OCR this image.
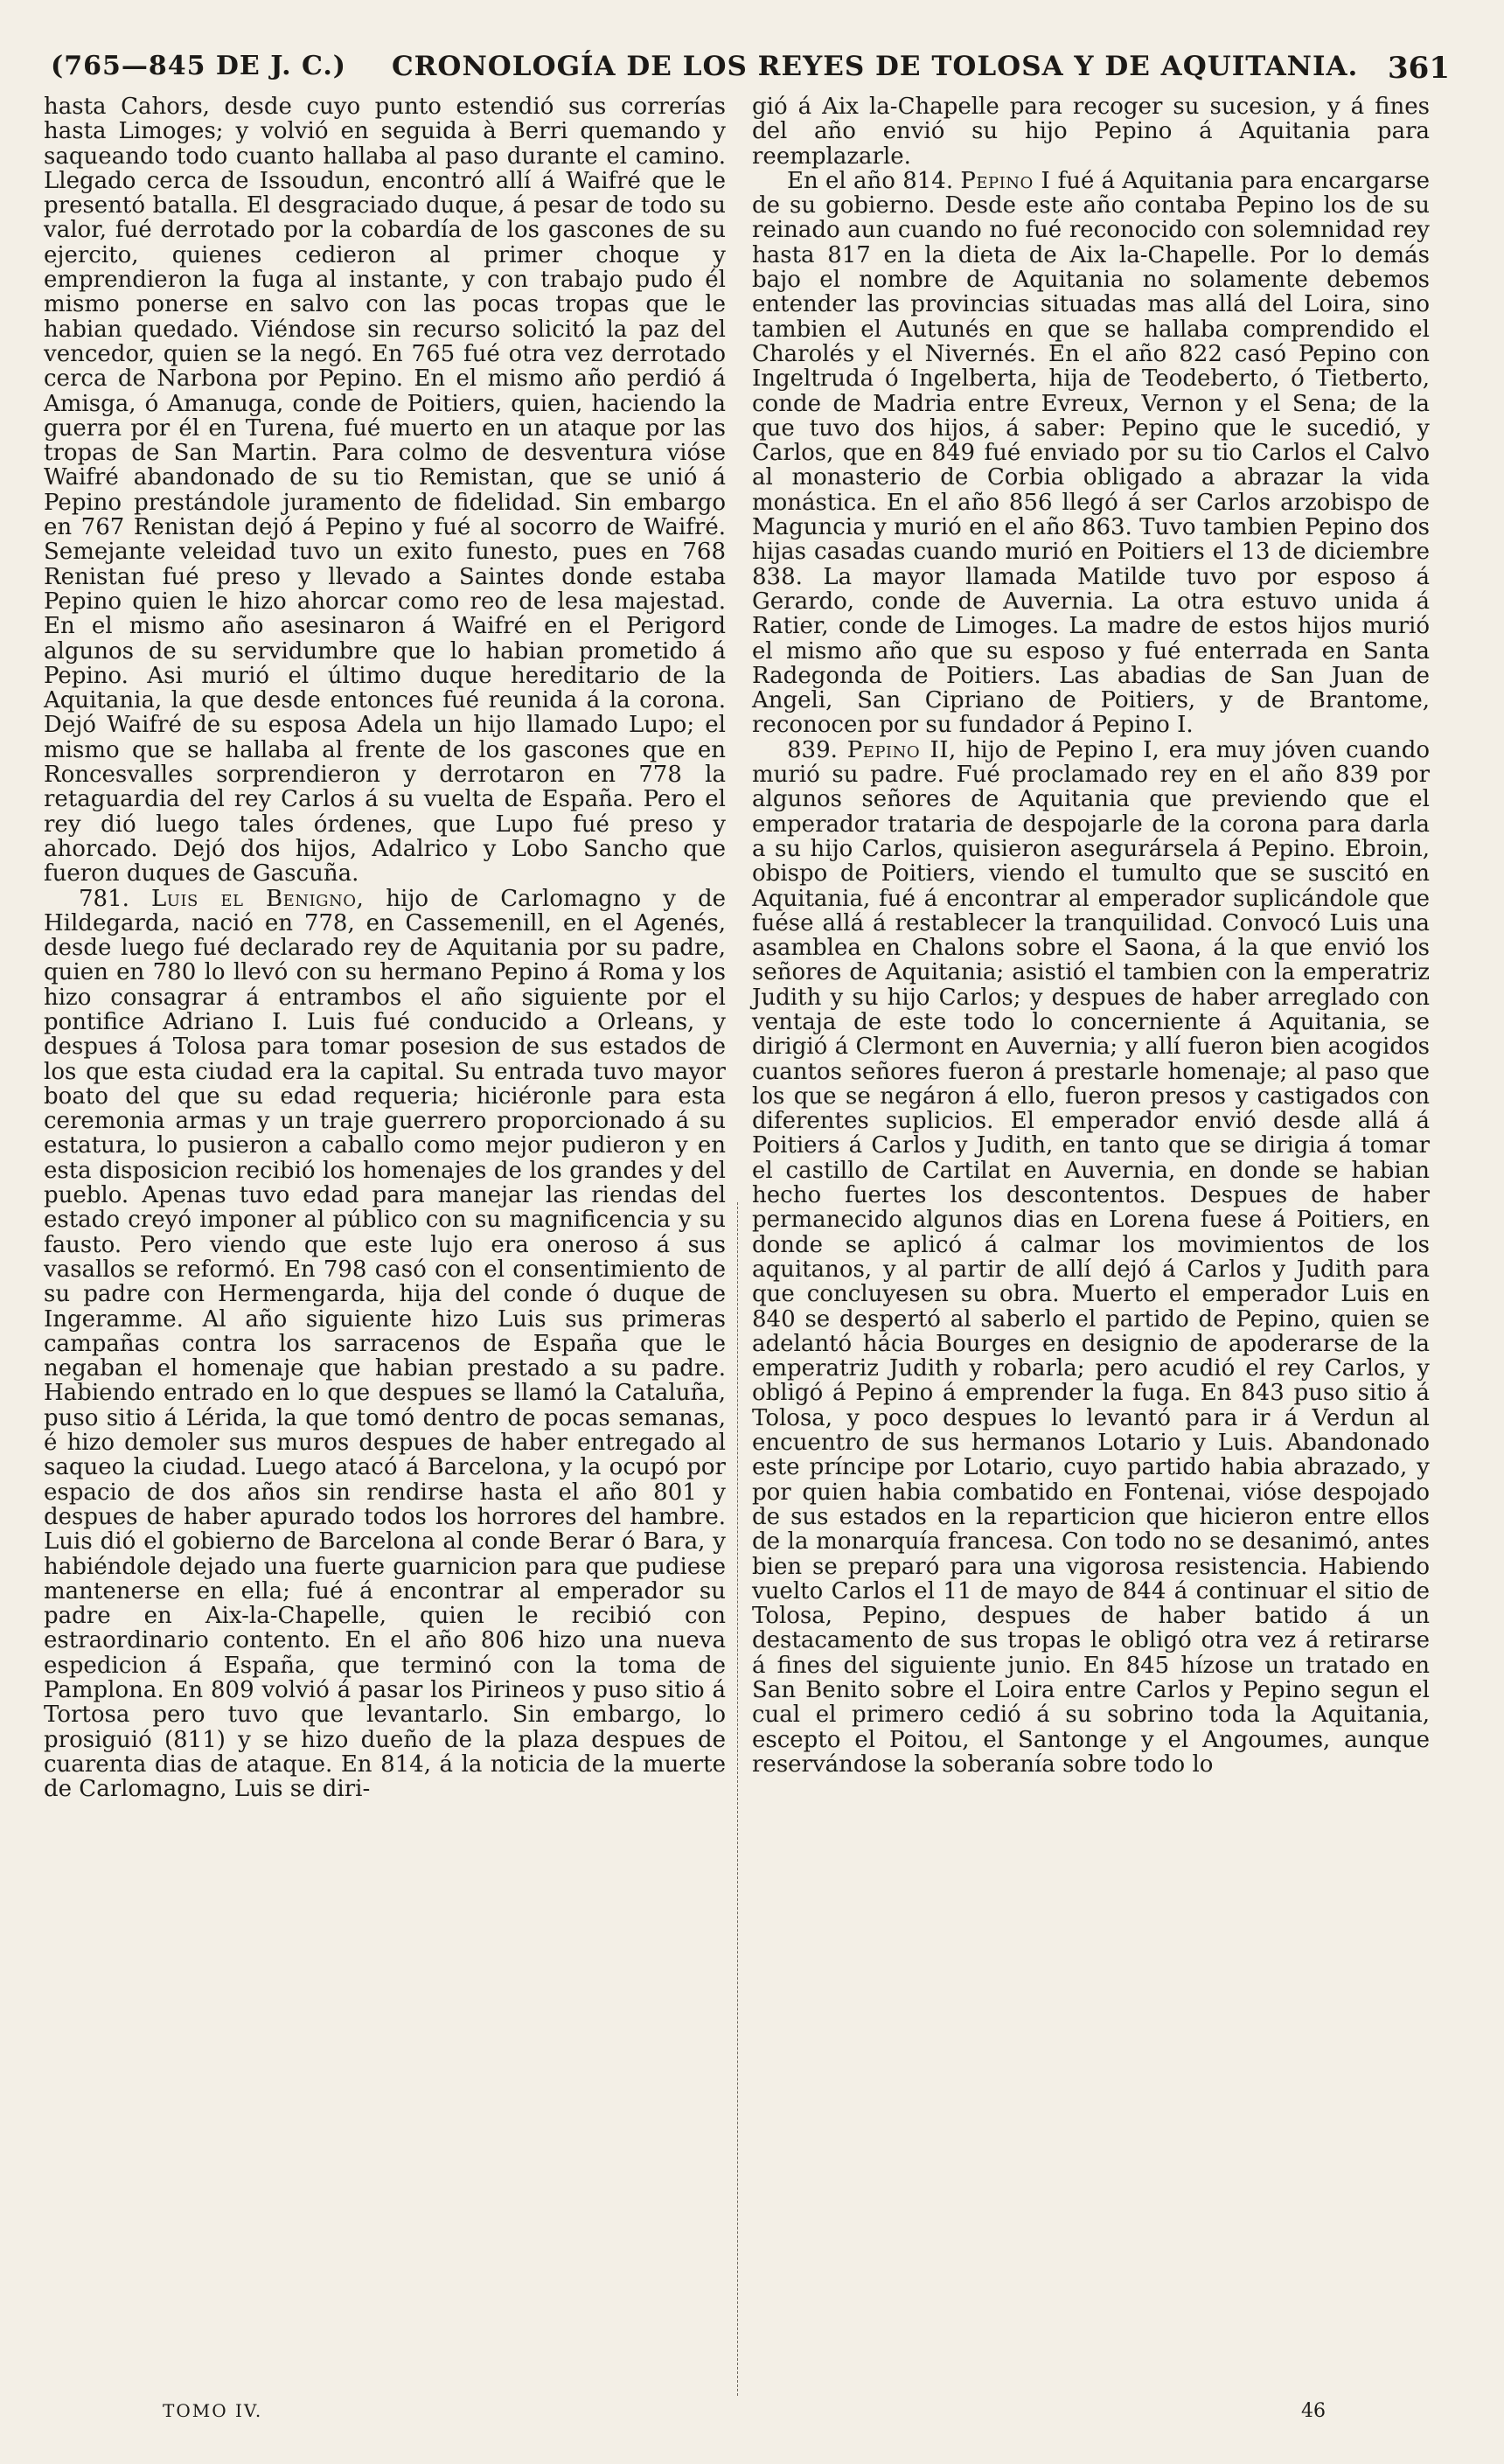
(765—845 DE J. C.) CRONOLOGÍA DE LOS REYES DE TOLOSA Y DE AQUITANIA. 361

hasta Cahors, desde cuyo punto estendió sus correrías hasta Limoges; y volvió en seguida à Berri quemando y saqueando todo cuanto hallaba al paso durante el camino. Llegado cerca de Issoudun, encontró allí á Waifré que le presentó batalla. El desgraciado duque, á pesar de todo su valor, fué derrotado por la cobardía de los gascones de su ejercito, quienes cedieron al primer choque y emprendieron la fuga al instante, y con trabajo pudo él mismo ponerse en salvo con las pocas tropas que le habian quedado. Viéndose sin recurso solicitó la paz del vencedor, quien se la negó. En 765 fué otra vez derrotado cerca de Narbona por Pepino. En el mismo año perdió á Amisga, ó Amanuga, conde de Poitiers, quien, haciendo la guerra por él en Turena, fué muerto en un ataque por las tropas de San Martin. Para colmo de desventura vióse Waifré abandonado de su tio Remistan, que se unió á Pepino prestándole juramento de fidelidad. Sin embargo en 767 Renistan dejó á Pepino y fué al socorro de Waifré. Semejante veleidad tuvo un exito funesto, pues en 768 Renistan fué preso y llevado a Saintes donde estaba Pepino quien le hizo ahorcar como reo de lesa majestad. En el mismo año asesinaron á Waifré en el Perigord algunos de su servidumbre que lo habian prometido á Pepino. Asi murió el último duque hereditario de la Aquitania, la que desde entonces fué reunida á la corona. Dejó Waifré de su esposa Adela un hijo llamado Lupo; el mismo que se hallaba al frente de los gascones que en Roncesvalles sorprendieron y derrotaron en 778 la retaguardia del rey Carlos á su vuelta de España. Pero el rey dió luego tales órdenes, que Lupo fué preso y ahorcado. Dejó dos hijos, Adalrico y Lobo Sancho que fueron duques de Gascuña.

781. Luis el Benigno, hijo de Carlomagno y de Hildegarda, nació en 778, en Cassemenill, en el Agenés, desde luego fué declarado rey de Aquitania por su padre, quien en 780 lo llevó con su hermano Pepino á Roma y los hizo consagrar á entrambos el año siguiente por el pontifice Adriano I. Luis fué conducido a Orleans, y despues á Tolosa para tomar posesion de sus estados de los que esta ciudad era la capital. Su entrada tuvo mayor boato del que su edad requeria; hiciéronle para esta ceremonia armas y un traje guerrero proporcionado á su estatura, lo pusieron a caballo como mejor pudieron y en esta disposicion recibió los homenajes de los grandes y del pueblo. Apenas tuvo edad para manejar las riendas del estado creyó imponer al público con su magnificencia y su fausto. Pero viendo que este lujo era oneroso á sus vasallos se reformó. En 798 casó con el consentimiento de su padre con Hermengarda, hija del conde ó duque de Ingeramme. Al año siguiente hizo Luis sus primeras campañas contra los sarracenos de España que le negaban el homenaje que habian prestado a su padre. Habiendo entrado en lo que despues se llamó la Cataluña, puso sitio á Lérida, la que tomó dentro de pocas semanas, é hizo demoler sus muros despues de haber entregado al saqueo la ciudad. Luego atacó á Barcelona, y la ocupó por espacio de dos años sin rendirse hasta el año 801 y despues de haber apurado todos los horrores del hambre. Luis dió el gobierno de Barcelona al conde Berar ó Bara, y habiéndole dejado una fuerte guarnicion para que pudiese mantenerse en ella; fué á encontrar al emperador su padre en Aix-la-Chapelle, quien le recibió con estraordinario contento. En el año 806 hizo una nueva espedicion á España, que terminó con la toma de Pamplona. En 809 volvió á pasar los Pirineos y puso sitio á Tortosa pero tuvo que levantarlo. Sin embargo, lo prosiguió (811) y se hizo dueño de la plaza despues de cuarenta dias de ataque. En 814, á la noticia de la muerte de Carlomagno, Luis se diri-

gió á Aix la-Chapelle para recoger su sucesion, y á fines del año envió su hijo Pepino á Aquitania para reemplazarle.

En el año 814. Pepino I fué á Aquitania para encargarse de su gobierno. Desde este año contaba Pepino los de su reinado aun cuando no fué reconocido con solemnidad rey hasta 817 en la dieta de Aix la-Chapelle. Por lo demás bajo el nombre de Aquitania no solamente debemos entender las provincias situadas mas allá del Loira, sino tambien el Autunés en que se hallaba comprendido el Charolés y el Nivernés. En el año 822 casó Pepino con Ingeltruda ó Ingelberta, hija de Teodeberto, ó Tietberto, conde de Madria entre Evreux, Vernon y el Sena; de la que tuvo dos hijos, á saber: Pepino que le sucedió, y Carlos, que en 849 fué enviado por su tio Carlos el Calvo al monasterio de Corbia obligado a abrazar la vida monástica. En el año 856 llegó á ser Carlos arzobispo de Maguncia y murió en el año 863. Tuvo tambien Pepino dos hijas casadas cuando murió en Poitiers el 13 de diciembre 838. La mayor llamada Matilde tuvo por esposo á Gerardo, conde de Auvernia. La otra estuvo unida á Ratier, conde de Limoges. La madre de estos hijos murió el mismo año que su esposo y fué enterrada en Santa Radegonda de Poitiers. Las abadias de San Juan de Angeli, San Cipriano de Poitiers, y de Brantome, reconocen por su fundador á Pepino I.

839. Pepino II, hijo de Pepino I, era muy jóven cuando murió su padre. Fué proclamado rey en el año 839 por algunos señores de Aquitania que previendo que el emperador trataria de despojarle de la corona para darla a su hijo Carlos, quisieron asegurársela á Pepino. Ebroin, obispo de Poitiers, viendo el tumulto que se suscitó en Aquitania, fué á encontrar al emperador suplicándole que fuése allá á restablecer la tranquilidad. Convocó Luis una asamblea en Chalons sobre el Saona, á la que envió los señores de Aquitania; asistió el tambien con la emperatriz Judith y su hijo Carlos; y despues de haber arreglado con ventaja de este todo lo concerniente á Aquitania, se dirigió á Clermont en Auvernia; y allí fueron bien acogidos cuantos señores fueron á prestarle homenaje; al paso que los que se negáron á ello, fueron presos y castigados con diferentes suplicios. El emperador envió desde allá á Poitiers á Carlos y Judith, en tanto que se dirigia á tomar el castillo de Cartilat en Auvernia, en donde se habian hecho fuertes los descontentos. Despues de haber permanecido algunos dias en Lorena fuese á Poitiers, en donde se aplicó á calmar los movimientos de los aquitanos, y al partir de allí dejó á Carlos y Judith para que concluyesen su obra. Muerto el emperador Luis en 840 se despertó al saberlo el partido de Pepino, quien se adelantó hácia Bourges en designio de apoderarse de la emperatriz Judith y robarla; pero acudió el rey Carlos, y obligó á Pepino á emprender la fuga. En 843 puso sitio á Tolosa, y poco despues lo levantó para ir á Verdun al encuentro de sus hermanos Lotario y Luis. Abandonado este príncipe por Lotario, cuyo partido habia abrazado, y por quien habia combatido en Fontenai, vióse despojado de sus estados en la reparticion que hicieron entre ellos de la monarquía francesa. Con todo no se desanimó, antes bien se preparó para una vigorosa resistencia. Habiendo vuelto Carlos el 11 de mayo de 844 á continuar el sitio de Tolosa, Pepino, despues de haber batido á un destacamento de sus tropas le obligó otra vez á retirarse á fines del siguiente junio. En 845 hízose un tratado en San Benito sobre el Loira entre Carlos y Pepino segun el cual el primero cedió á su sobrino toda la Aquitania, escepto el Poitou, el Santonge y el Angoumes, aunque reservándose la soberanía sobre todo lo

TOMO IV.	46
